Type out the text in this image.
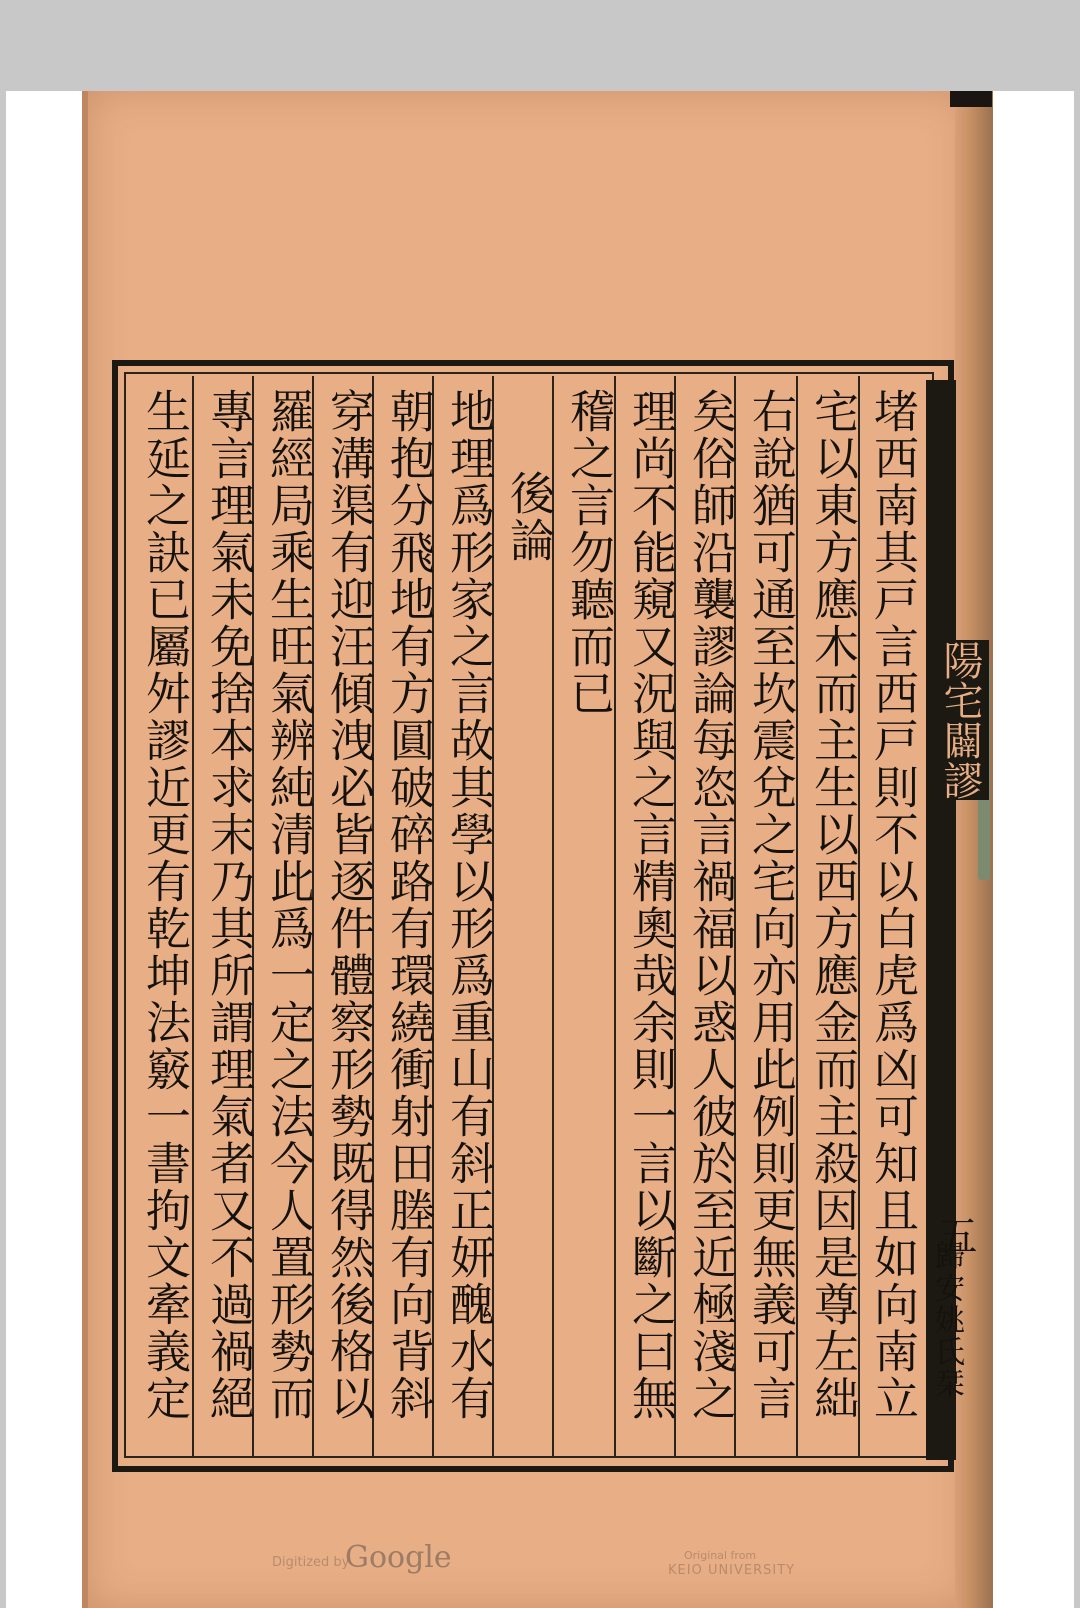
堵西南其戸言西戸則不以白虎爲凶可知且如向南立
宅以東方應木而主生以西方應金而主殺因是尊左絀
右說猶可通至坎震兌之宅向亦用此例則更無義可言
矣俗師沿襲謬論每恣言禍福以惑人彼於至近極淺之
理尚不能窺又況與之言精奧哉余則一言以斷之曰無
稽之言勿聽而已
後論
地理爲形家之言故其學以形爲重山有斜正妍醜水有
朝抱分飛地有方圓破碎路有環繞衝射田塍有向背斜
穿溝渠有迎汪傾洩必皆逐件體察形勢既得然後格以
羅經局乘生旺氣辨純清此爲一定之法今人置形勢而
專言理氣未免捨本求末乃其所謂理氣者又不過禍絕
生延之訣已屬舛謬近更有乾坤法竅一書拘文牽義定	陽宅闢謬
五
歸安姚氏栞
Digitized by
Google	Original from
KEIO UNIVERSITY
